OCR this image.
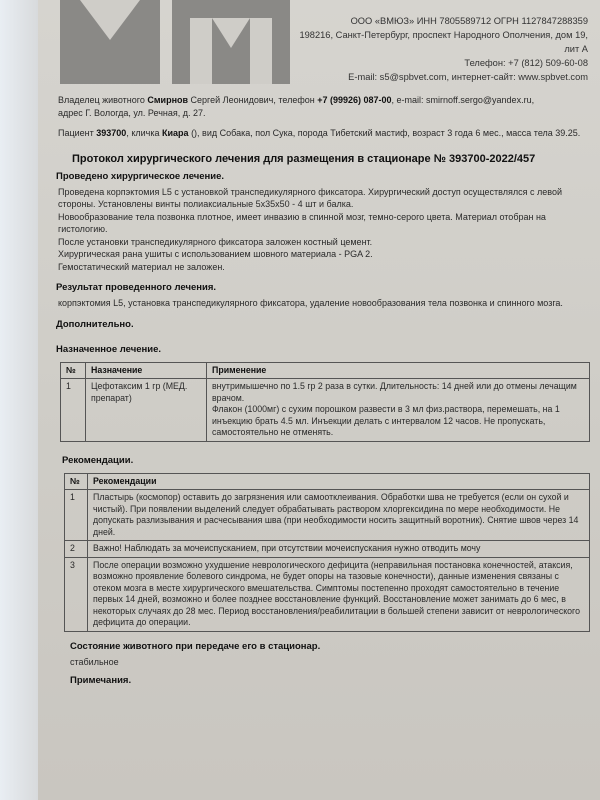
ООО «ВМЮЗ» ИНН 7805589712 ОГРН 1127847288359
198216, Санкт-Петербург, проспект Народного Ополчения, дом 19,
лит А
Телефон: +7 (812) 509-60-08
E-mail: s5@spbvet.com, интернет-сайт: www.spbvet.com
Владелец животного Смирнов Сергей Леонидович, телефон +7 (99926) 087-00, e-mail: smirnoff.sergo@yandex.ru,
адрес Г. Вологда, ул. Речная, д. 27.
Пациент 393700, кличка Киара (), вид Собака, пол Сука, порода Тибетский мастиф, возраст 3 года 6 мес., масса тела 39.25.
Протокол хирургического лечения для размещения в стационаре № 393700-2022/457
Проведено хирургическое лечение.
Проведена корпэктомия L5 с установкой транспедикулярного фиксатора. Хирургический доступ осуществлялся с левой стороны. Установлены винты полиаксиальные 5x35x50 - 4 шт и балка.
Новообразование тела позвонка плотное, имеет инвазию в спинной мозг, темно-серого цвета. Материал отобран на гистологию.
После установки транспедикулярного фиксатора заложен костный цемент.
Хирургическая рана ушиты с использованием шовного материала - PGA 2.
Гемостатический материал не заложен.
Результат проведенного лечения.
корпэктомия L5, установка транспедикулярного фиксатора, удаление новообразования тела позвонка и спинного мозга.
Дополнительно.
Назначенное лечение.
№	Назначение	Применение
1	Цефотаксим 1 гр (МЕД. препарат)	внутримышечно по 1.5 гр 2 раза в сутки. Длительность: 14 дней или до отмены лечащим врачом.
Флакон (1000мг) с сухим порошком развести в 3 мл физ.раствора, перемешать, на 1 инъекцию брать 4.5 мл. Инъекции делать с интервалом 12 часов. Не пропускать, самостоятельно не отменять.
Рекомендации.
№	Рекомендации
1	Пластырь (космопор) оставить до загрязнения или самоотклеивания. Обработки шва не требуется (если он сухой и чистый). При появлении выделений следует обрабатывать раствором хлоргексидина по мере необходимости. Не допускать разлизывания и расчесывания шва (при необходимости носить защитный воротник). Снятие швов через 14 дней.
2	Важно! Наблюдать за мочеиспусканием, при отсутствии мочеиспускания нужно отводить мочу
3	После операции возможно ухудшение неврологического дефицита (неправильная постановка конечностей, атаксия, возможно проявление болевого синдрома, не будет опоры на тазовые конечности), данные изменения связаны с отеком мозга в месте хирургического вмешательства. Симптомы постепенно проходят самостоятельно в течение первых 14 дней, возможно и более позднее восстановление функций. Восстановление может занимать до 6 мес, в некоторых случаях до 28 мес. Период восстановления/реабилитации в большей степени зависит от неврологического дефицита до операции.
Состояние животного при передаче его в стационар.
стабильное
Примечания.
